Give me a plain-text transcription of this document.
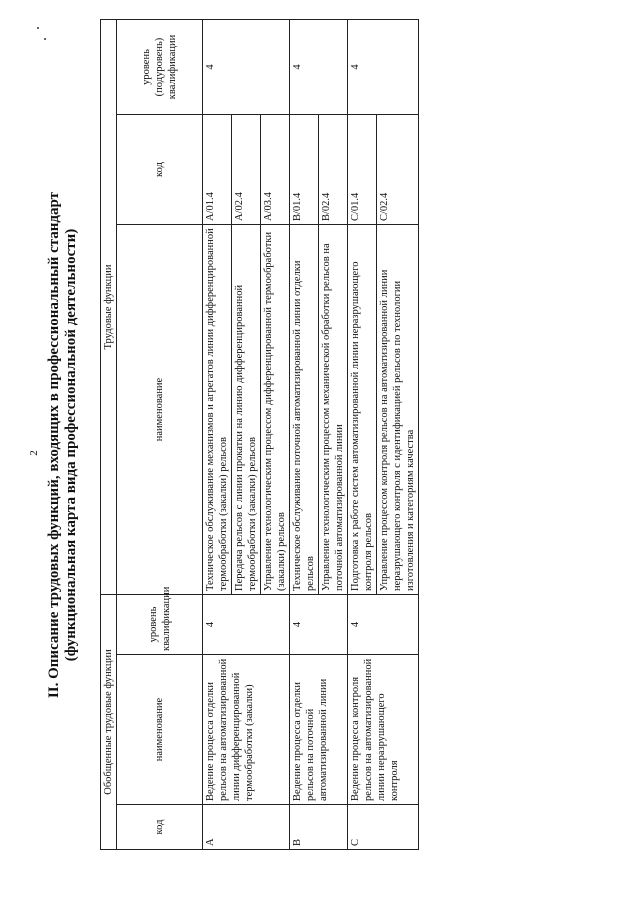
2 II. Описание трудовых функций, входящих в профессиональный стандарт (функциональная карта вида профессиональной деятельности)
Обобщенные трудовые функции			Трудовые функции		
код	наименование	уровень квалификации	наименование	код	уровень (подуровень) квалификации
A	Ведение процесса отделки рельсов на автоматизированной линии дифференцированной термообработки (закалки)	4	Техническое обслуживание механизмов и агрегатов линии дифференцированной термообработки (закалки) рельсов	A/01.4	4
			Передача рельсов с линии прокатки на линию дифференцированной термообработки (закалки) рельсов	A/02.4	
			Управление технологическим процессом дифференцированной термообработки (закалки) рельсов	A/03.4	
B	Ведение процесса отделки рельсов на поточной автоматизированной линии	4	Техническое обслуживание поточной автоматизированной линии отделки рельсов	B/01.4	4
			Управление технологическим процессом механической обработки рельсов на поточной автоматизированной линии	B/02.4	
C	Ведение процесса контроля рельсов на автоматизированной линии неразрушающего контроля	4	Подготовка к работе систем автоматизированной линии неразрушающего контроля рельсов	C/01.4	4
			Управление процессом контроля рельсов на автоматизированной линии неразрушающего контроля с идентификацией рельсов по технологии изготовления и категориям качества	C/02.4	
